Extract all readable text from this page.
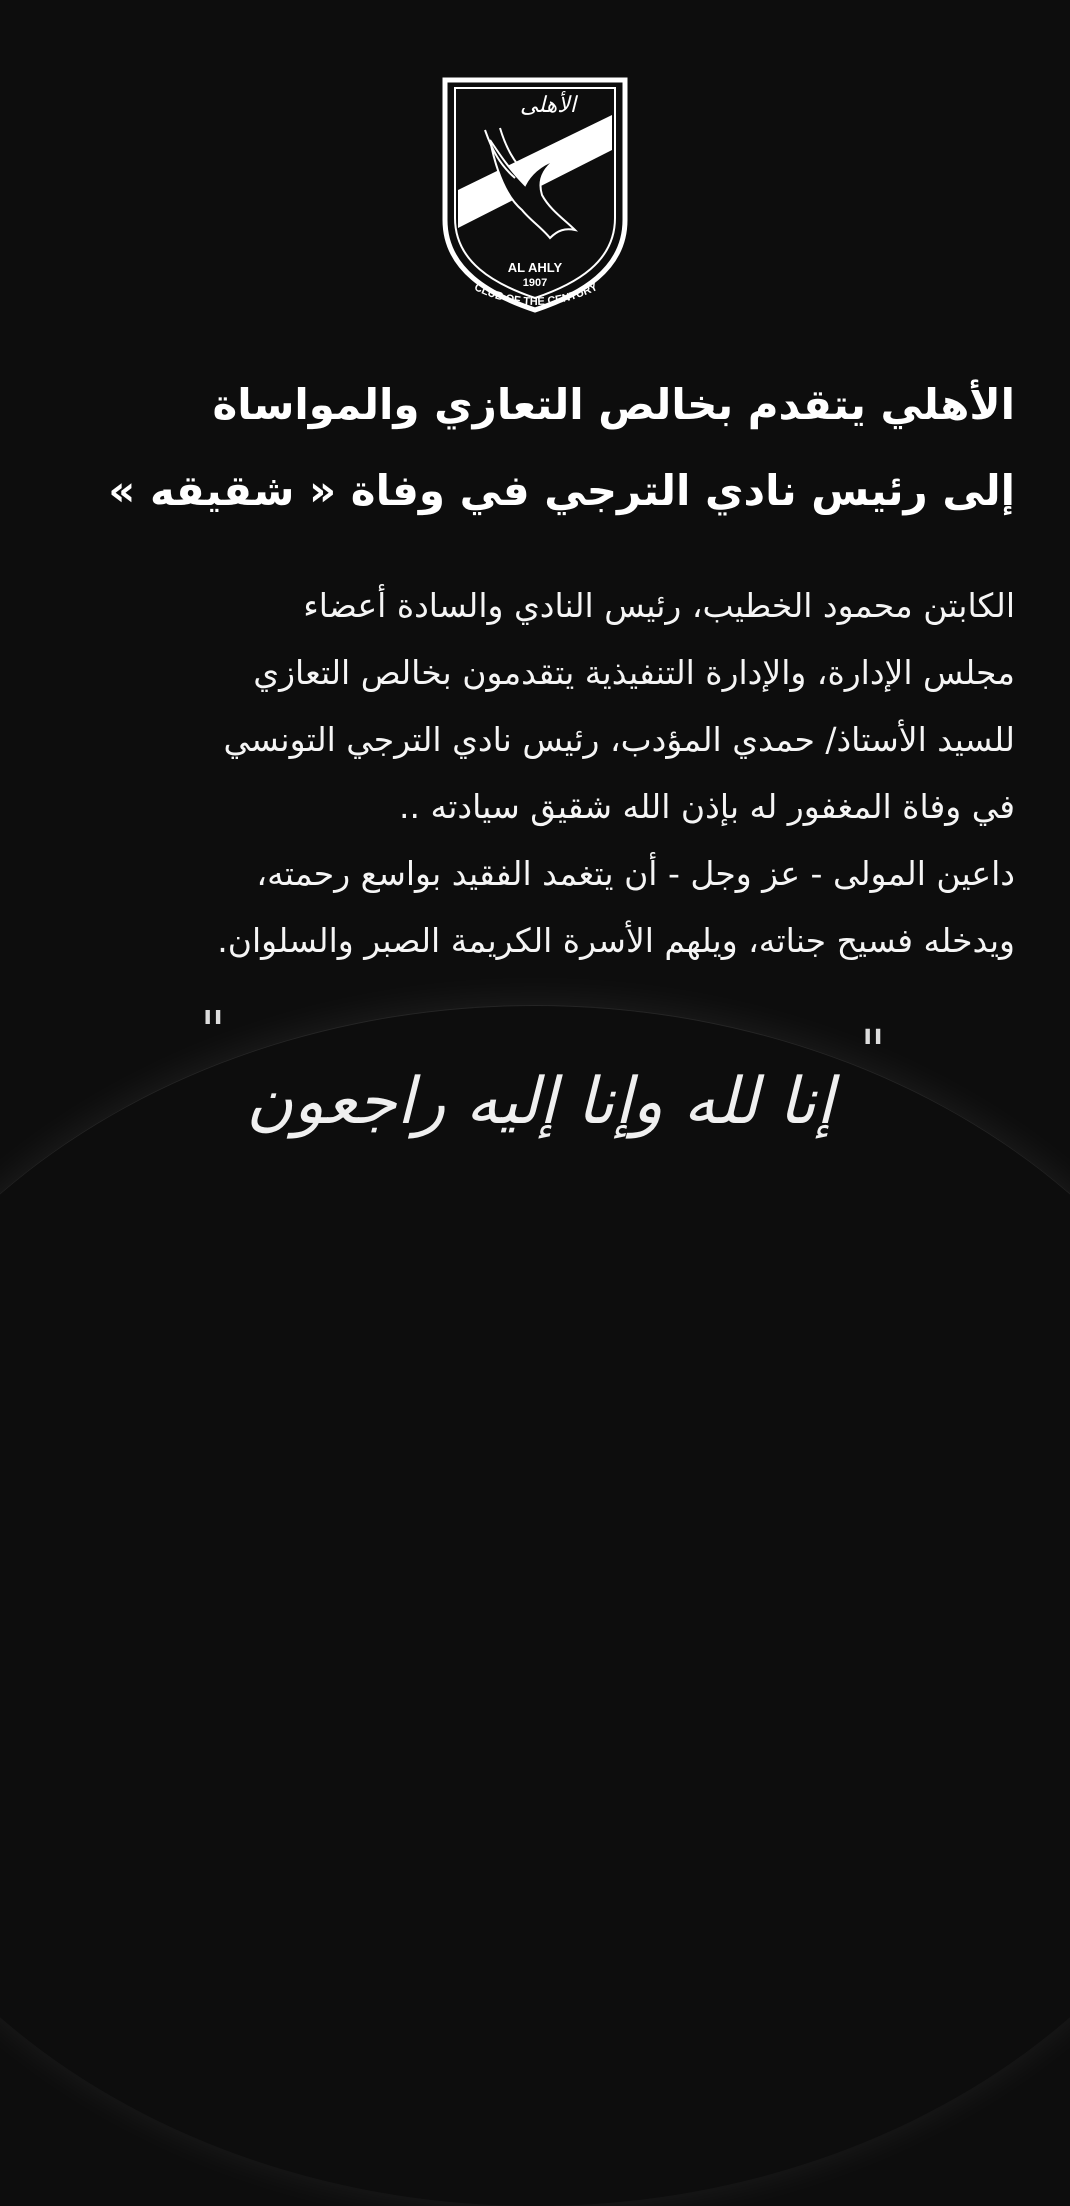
الأهلى
AL AHLY
1907
CLUB OF THE CENTURY
الأهلي يتقدم بخالص التعازي والمواساة
إلى رئيس نادي الترجي في وفاة « شقيقه »
الكابتن محمود الخطيب، رئيس النادي والسادة أعضاء
مجلس الإدارة، والإدارة التنفيذية يتقدمون بخالص التعازي
للسيد الأستاذ/ حمدي المؤدب، رئيس نادي الترجي التونسي
في وفاة المغفور له بإذن الله شقيق سيادته ..
داعين المولى - عز وجل - أن يتغمد الفقيد بواسع رحمته،
ويدخله فسيح جناته، ويلهم الأسرة الكريمة الصبر والسلوان.
"
"
إنا لله وإنا إليه راجعون
